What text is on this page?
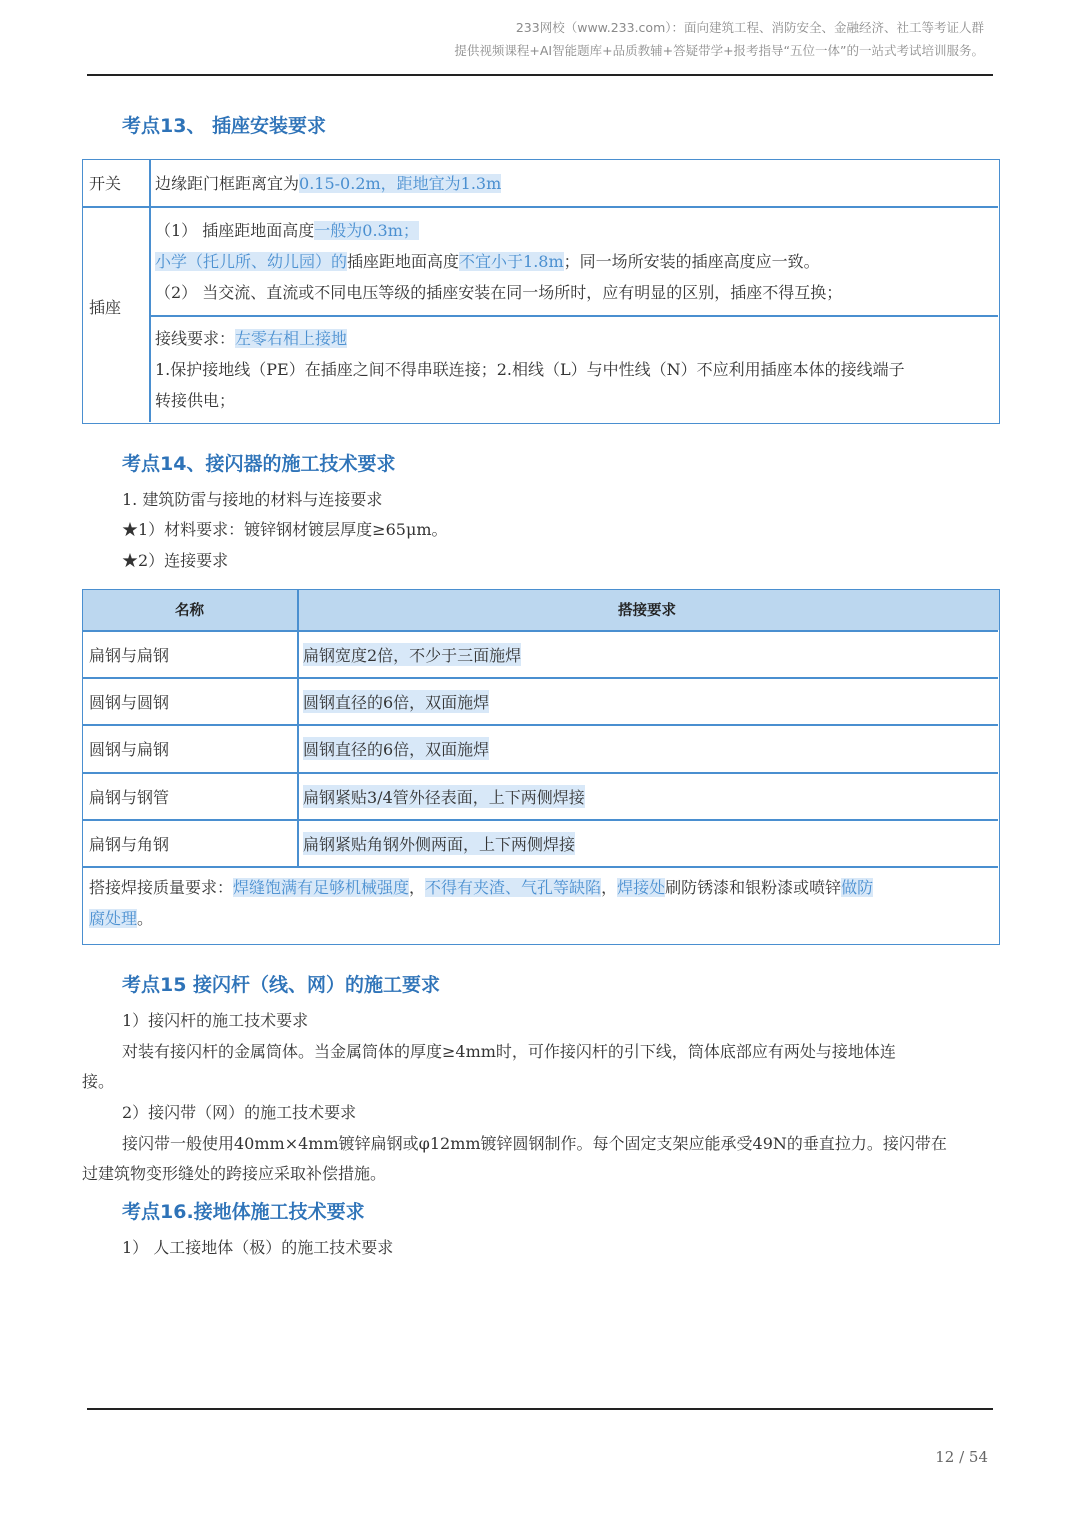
233网校（www.233.com）：面向建筑工程、消防安全、金融经济、社工等考证人群
提供视频课程+AI智能题库+品质教辅+答疑带学+报考指导“五位一体”的一站式考试培训服务。
考点13、 插座安装要求
开关 边缘距门框距离宜为0.15-0.2m，距地宜为1.3m
插座
（1） 插座距地面高度一般为0.3m；
小学（托儿所、幼儿园）的插座距地面高度不宜小于1.8m；同一场所安装的插座高度应一致。
（2） 当交流、直流或不同电压等级的插座安装在同一场所时，应有明显的区别，插座不得互换；
接线要求：左零右相上接地
1.保护接地线（PE）在插座之间不得串联连接；2.相线（L）与中性线（N）不应利用插座本体的接线端子
转接供电；
考点14、接闪器的施工技术要求
1. 建筑防雷与接地的材料与连接要求
★1）材料要求：镀锌钢材镀层厚度≥65μm。
★2）连接要求
名称	搭接要求
扁钢与扁钢	扁钢宽度2倍，不少于三面施焊
圆钢与圆钢	圆钢直径的6倍，双面施焊
圆钢与扁钢	圆钢直径的6倍，双面施焊
扁钢与钢管	扁钢紧贴3/4管外径表面，上下两侧焊接
扁钢与角钢	扁钢紧贴角钢外侧两面，上下两侧焊接
搭接焊接质量要求：焊缝饱满有足够机械强度，不得有夹渣、气孔等缺陷，焊接处刷防锈漆和银粉漆或喷锌做防
腐处理。
考点15 接闪杆（线、网）的施工要求
1）接闪杆的施工技术要求
对装有接闪杆的金属筒体。当金属筒体的厚度≥4mm时，可作接闪杆的引下线，筒体底部应有两处与接地体连
接。
2）接闪带（网）的施工技术要求
接闪带一般使用40mm×4mm镀锌扁钢或φ12mm镀锌圆钢制作。每个固定支架应能承受49N的垂直拉力。接闪带在
过建筑物变形缝处的跨接应采取补偿措施。
考点16.接地体施工技术要求
1） 人工接地体（极）的施工技术要求
12 / 54
